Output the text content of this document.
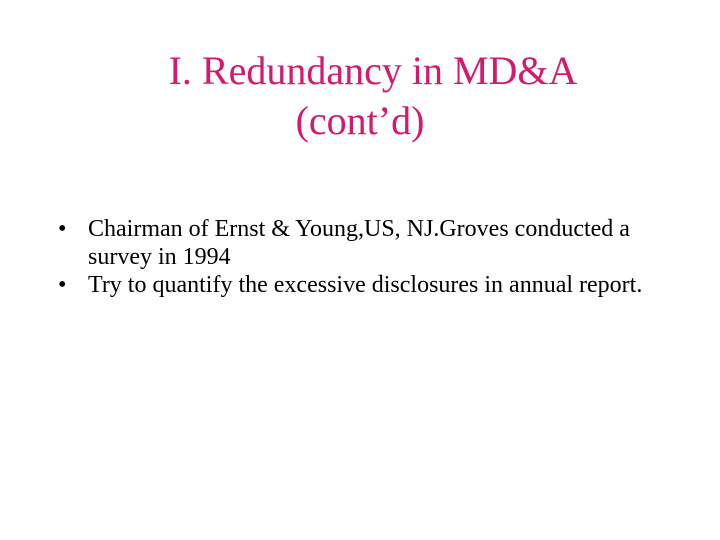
I. Redundancy in MD&A
(cont’d)
• Chairman of Ernst & Young,US, NJ.Groves conducted a survey in 1994
• Try to quantify the excessive disclosures in annual report.
